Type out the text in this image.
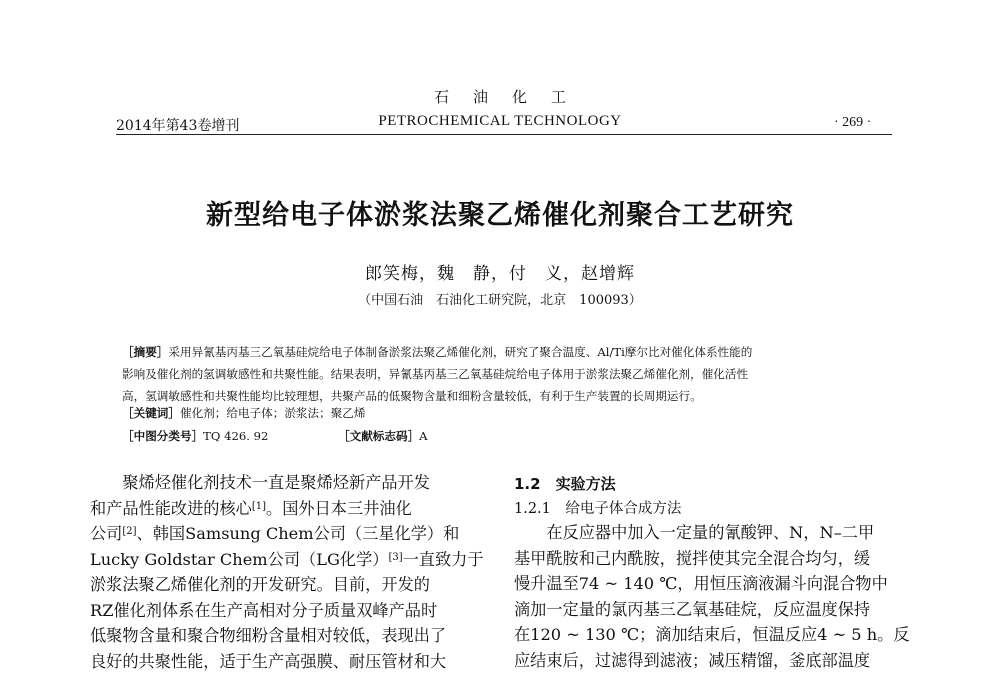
石油化工
2014年第43卷增刊	PETROCHEMICAL TECHNOLOGY	· 269 ·
新型给电子体淤浆法聚乙烯催化剂聚合工艺研究
郎笑梅，魏　静，付　义，赵增辉
（中国石油　石油化工研究院，北京　100093）
［摘要］采用异氰基丙基三乙氧基硅烷给电子体制备淤浆法聚乙烯催化剂，研究了聚合温度、Al/Ti摩尔比对催化体系性能的
影响及催化剂的氢调敏感性和共聚性能。结果表明，异氰基丙基三乙氧基硅烷给电子体用于淤浆法聚乙烯催化剂，催化活性
高，氢调敏感性和共聚性能均比较理想，共聚产品的低聚物含量和细粉含量较低，有利于生产装置的长周期运行。
［关键词］催化剂；给电子体；淤浆法；聚乙烯
［中图分类号］TQ 426. 92	［文献标志码］A
　　聚烯烃催化剂技术一直是聚烯烃新产品开发
和产品性能改进的核心[1]。国外日本三井油化
公司[2]、韩国Samsung Chem公司（三星化学）和
Lucky Goldstar Chem公司（LG化学）[3]一直致力于
淤浆法聚乙烯催化剂的开发研究。目前，开发的
RZ催化剂体系在生产高相对分子质量双峰产品时
低聚物含量和聚合物细粉含量相对较低，表现出了
良好的共聚性能，适于生产高强膜、耐压管材和大
1.2　实验方法
1.2.1　给电子体合成方法
　　在反应器中加入一定量的氰酸钾、N，N–二甲
基甲酰胺和己内酰胺，搅拌使其完全混合均匀，缓
慢升温至74 ~ 140 ℃，用恒压滴液漏斗向混合物中
滴加一定量的氯丙基三乙氧基硅烷，反应温度保持
在120 ~ 130 ℃；滴加结束后，恒温反应4 ~ 5 h。反
应结束后，过滤得到滤液；减压精馏，釜底部温度
